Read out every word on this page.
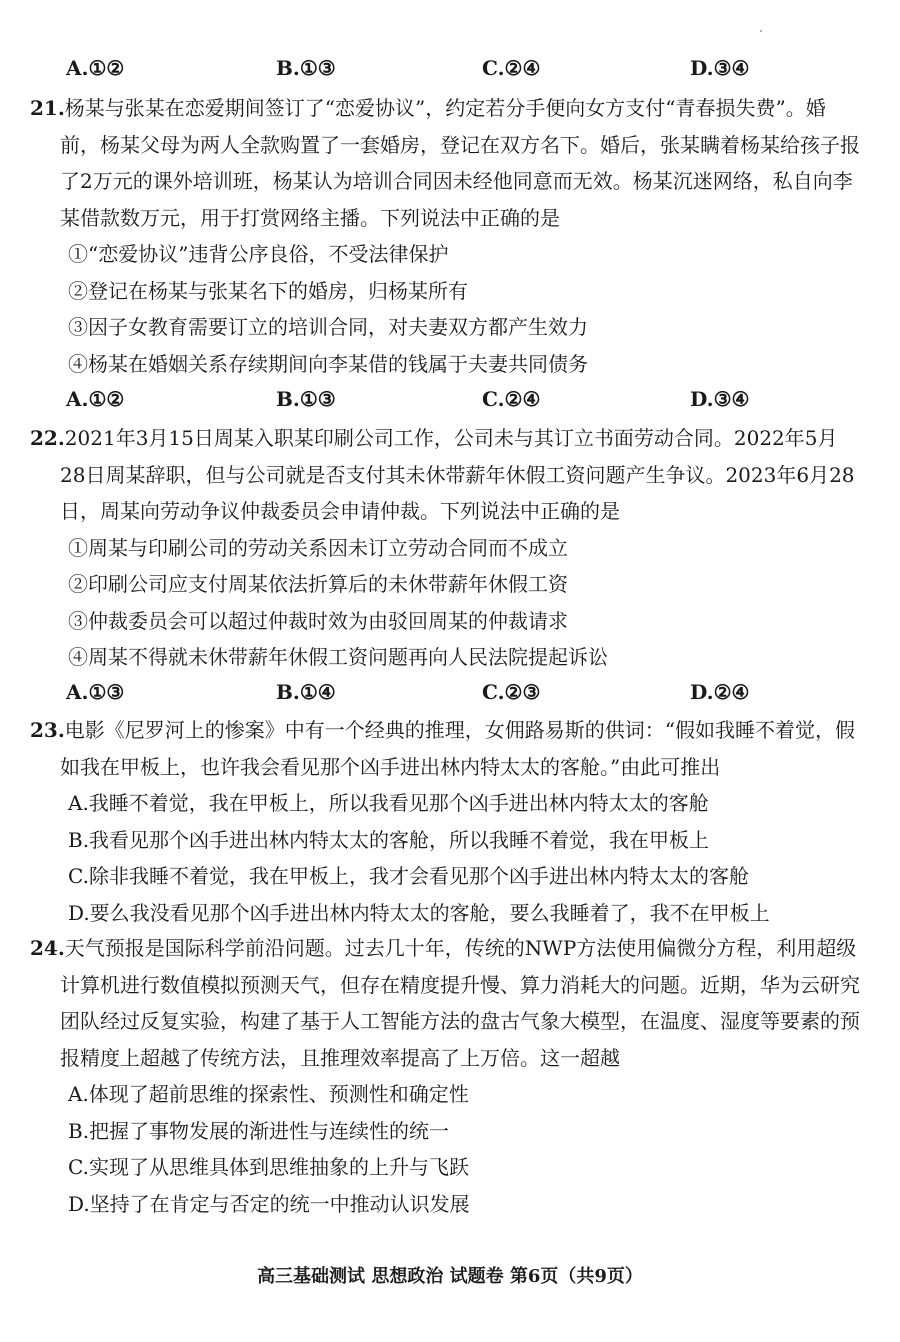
A.①②	B.①③	C.②④	D.③④

21.杨某与张某在恋爱期间签订了“恋爱协议”，约定若分手便向女方支付“青春损失费”。婚前，杨某父母为两人全款购置了一套婚房，登记在双方名下。婚后，张某瞒着杨某给孩子报了2万元的课外培训班，杨某认为培训合同因未经他同意而无效。杨某沉迷网络，私自向李某借款数万元，用于打赏网络主播。下列说法中正确的是

①“恋爱协议”违背公序良俗，不受法律保护

②登记在杨某与张某名下的婚房，归杨某所有

③因子女教育需要订立的培训合同，对夫妻双方都产生效力

④杨某在婚姻关系存续期间向李某借的钱属于夫妻共同债务

A.①②	B.①③	C.②④	D.③④

22.2021年3月15日周某入职某印刷公司工作，公司未与其订立书面劳动合同。2022年5月28日周某辞职，但与公司就是否支付其未休带薪年休假工资问题产生争议。2023年6月28日，周某向劳动争议仲裁委员会申请仲裁。下列说法中正确的是

①周某与印刷公司的劳动关系因未订立劳动合同而不成立

②印刷公司应支付周某依法折算后的未休带薪年休假工资

③仲裁委员会可以超过仲裁时效为由驳回周某的仲裁请求

④周某不得就未休带薪年休假工资问题再向人民法院提起诉讼

A.①③	B.①④	C.②③	D.②④

23.电影《尼罗河上的惨案》中有一个经典的推理，女佣路易斯的供词：“假如我睡不着觉，假如我在甲板上，也许我会看见那个凶手进出林内特太太的客舱。”由此可推出

A.我睡不着觉，我在甲板上，所以我看见那个凶手进出林内特太太的客舱

B.我看见那个凶手进出林内特太太的客舱，所以我睡不着觉，我在甲板上

C.除非我睡不着觉，我在甲板上，我才会看见那个凶手进出林内特太太的客舱

D.要么我没看见那个凶手进出林内特太太的客舱，要么我睡着了，我不在甲板上

24.天气预报是国际科学前沿问题。过去几十年，传统的NWP方法使用偏微分方程，利用超级计算机进行数值模拟预测天气，但存在精度提升慢、算力消耗大的问题。近期，华为云研究团队经过反复实验，构建了基于人工智能方法的盘古气象大模型，在温度、湿度等要素的预报精度上超越了传统方法，且推理效率提高了上万倍。这一超越

A.体现了超前思维的探索性、预测性和确定性

B.把握了事物发展的渐进性与连续性的统一

C.实现了从思维具体到思维抽象的上升与飞跃

D.坚持了在肯定与否定的统一中推动认识发展

高三基础测试 思想政治 试题卷 第6页（共9页）
